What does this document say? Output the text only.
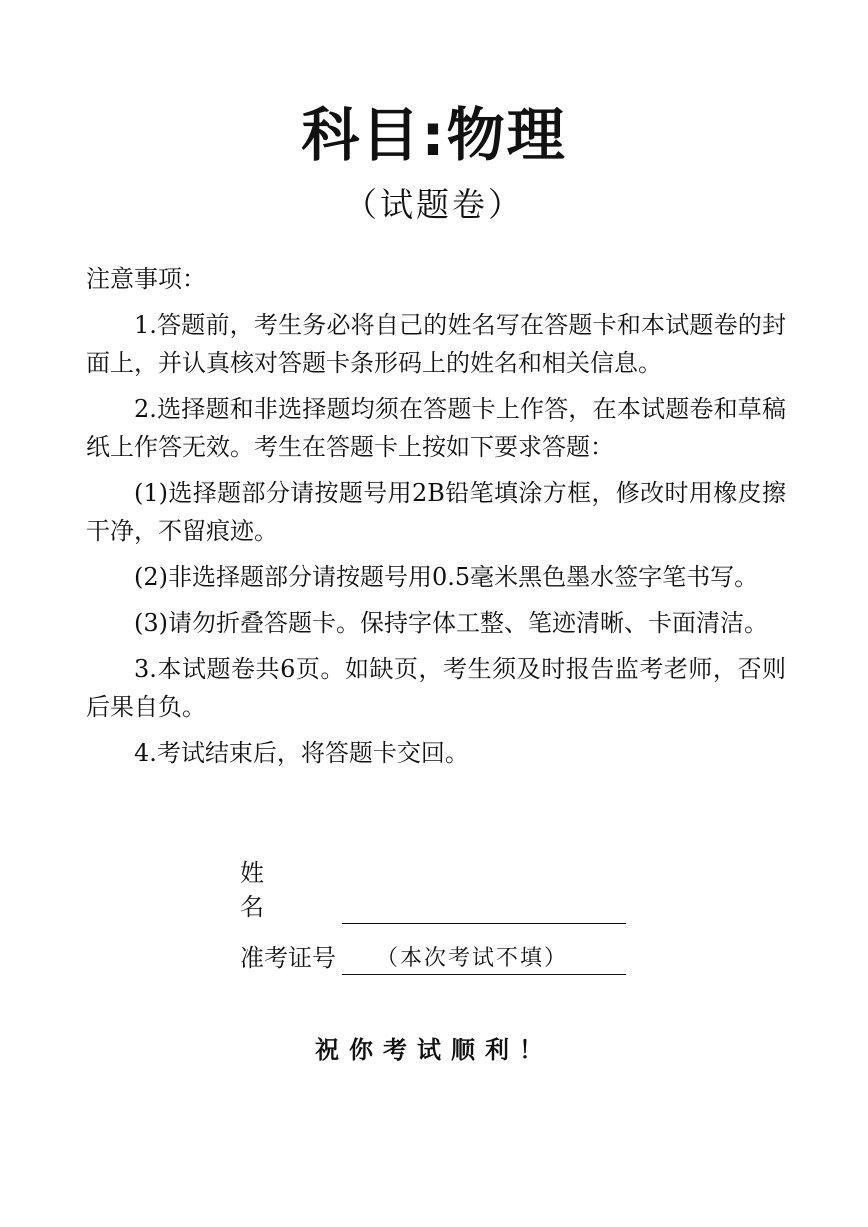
科目:物理
（试题卷）
注意事项：

1.答题前，考生务必将自己的姓名写在答题卡和本试题卷的封面上，并认真核对答题卡条形码上的姓名和相关信息。

2.选择题和非选择题均须在答题卡上作答，在本试题卷和草稿纸上作答无效。考生在答题卡上按如下要求答题：

(1)选择题部分请按题号用2B铅笔填涂方框，修改时用橡皮擦干净，不留痕迹。

(2)非选择题部分请按题号用0.5毫米黑色墨水签字笔书写。

(3)请勿折叠答题卡。保持字体工整、笔迹清晰、卡面清洁。

3.本试题卷共6页。如缺页，考生须及时报告监考老师，否则后果自负。

4.考试结束后，将答题卡交回。

姓名
准考证号 （本次考试不填）
祝你考试顺利！
